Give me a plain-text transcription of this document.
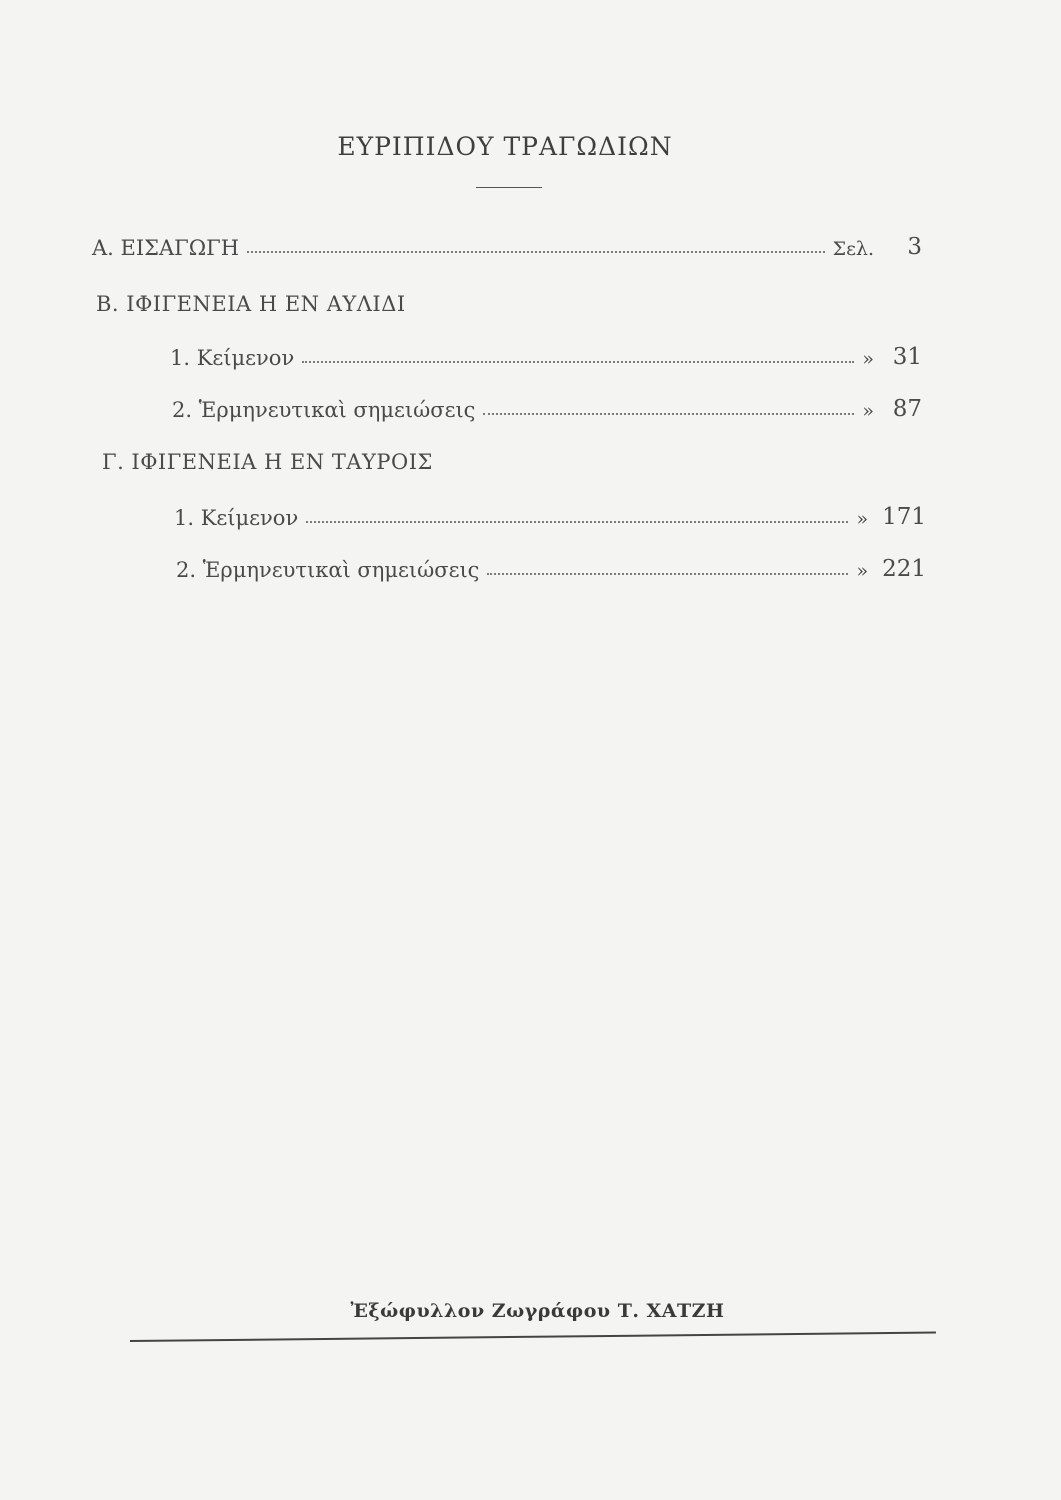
ΕΥΡΙΠΙΔΟΥ ΤΡΑΓΩΔΙΩΝ
Α. ΕΙΣΑΓΩΓΗ	Σελ.	3
Β. ΙΦΙΓΕΝΕΙΑ Η ΕΝ ΑΥΛΙΔΙ
1. Κείμενον	» 31
2. Ἑρμηνευτικαὶ σημειώσεις	» 87
Γ. ΙΦΙΓΕΝΕΙΑ Η ΕΝ ΤΑΥΡΟΙΣ
1. Κείμενον	» 171
2. Ἑρμηνευτικαὶ σημειώσεις	» 221
Ἐξώφυλλον Ζωγράφου Τ. ΧΑΤΖΗ
